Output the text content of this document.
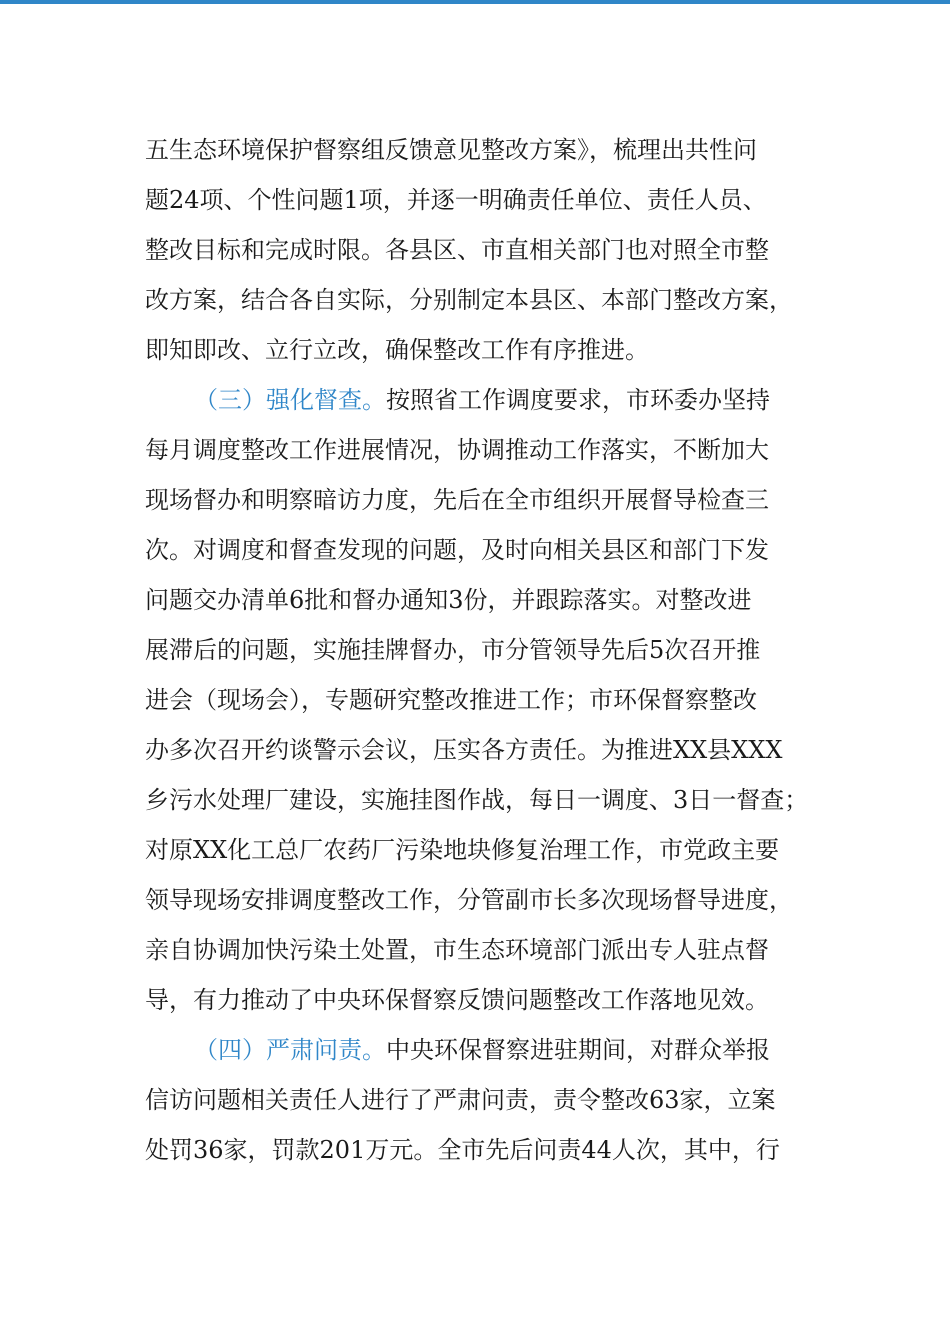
五生态环境保护督察组反馈意见整改方案》，梳理出共性问
题24项、个性问题1项，并逐一明确责任单位、责任人员、
整改目标和完成时限。各县区、市直相关部门也对照全市整
改方案，结合各自实际，分别制定本县区、本部门整改方案，
即知即改、立行立改，确保整改工作有序推进。
（三）强化督查。按照省工作调度要求，市环委办坚持
每月调度整改工作进展情况，协调推动工作落实，不断加大
现场督办和明察暗访力度，先后在全市组织开展督导检查三
次。对调度和督查发现的问题，及时向相关县区和部门下发
问题交办清单6批和督办通知3份，并跟踪落实。对整改进
展滞后的问题，实施挂牌督办，市分管领导先后5次召开推
进会（现场会），专题研究整改推进工作；市环保督察整改
办多次召开约谈警示会议，压实各方责任。为推进XX县XXX
乡污水处理厂建设，实施挂图作战，每日一调度、3日一督查；
对原XX化工总厂农药厂污染地块修复治理工作，市党政主要
领导现场安排调度整改工作，分管副市长多次现场督导进度，
亲自协调加快污染土处置，市生态环境部门派出专人驻点督
导，有力推动了中央环保督察反馈问题整改工作落地见效。
（四）严肃问责。中央环保督察进驻期间，对群众举报
信访问题相关责任人进行了严肃问责，责令整改63家，立案
处罚36家，罚款201万元。全市先后问责44人次，其中，行
